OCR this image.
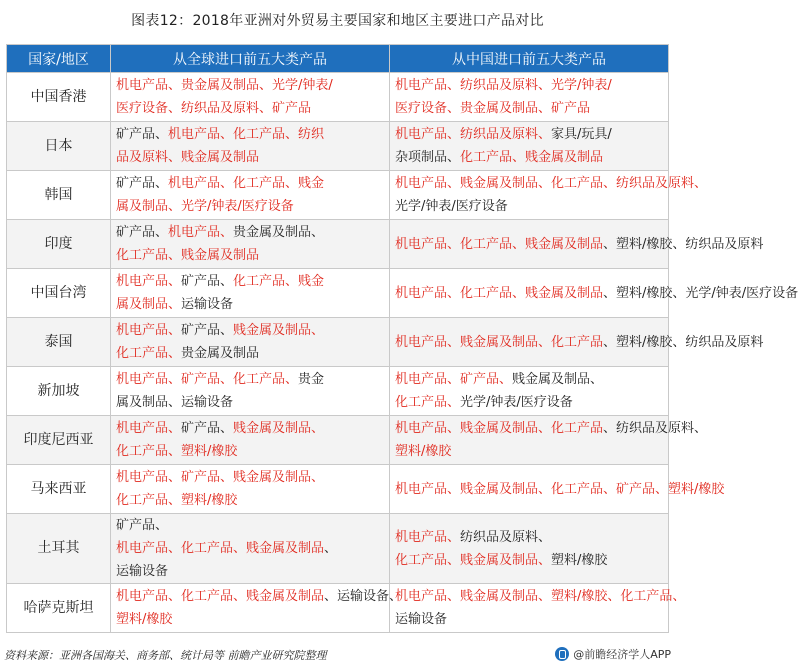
图表12：2018年亚洲对外贸易主要国家和地区主要进口产品对比
国家/地区	从全球进口前五大类产品	从中国进口前五大类产品
中国香港	机电产品、贵金属及制品、光学/钟表/医疗设备、纺织品及原料、矿产品	机电产品、纺织品及原料、光学/钟表/医疗设备、贵金属及制品、矿产品

日本	矿产品、机电产品、化工产品、纺织品及原料、贱金属及制品	机电产品、纺织品及原料、家具/玩具/杂项制品、化工产品、贱金属及制品

韩国	矿产品、机电产品、化工产品、贱金属及制品、光学/钟表/医疗设备	机电产品、贱金属及制品、化工产品、纺织品及原料、光学/钟表/医疗设备

印度	矿产品、机电产品、贵金属及制品、化工产品、贱金属及制品	机电产品、化工产品、贱金属及制品、塑料/橡胶、纺织品及原料

中国台湾	机电产品、矿产品、化工产品、贱金属及制品、运输设备	机电产品、化工产品、贱金属及制品、塑料/橡胶、光学/钟表/医疗设备

泰国	机电产品、矿产品、贱金属及制品、化工产品、贵金属及制品	机电产品、贱金属及制品、化工产品、塑料/橡胶、纺织品及原料

新加坡	机电产品、矿产品、化工产品、贵金属及制品、运输设备	机电产品、矿产品、贱金属及制品、化工产品、光学/钟表/医疗设备

印度尼西亚	机电产品、矿产品、贱金属及制品、化工产品、塑料/橡胶	机电产品、贱金属及制品、化工产品、纺织品及原料、塑料/橡胶

马来西亚	机电产品、矿产品、贱金属及制品、化工产品、塑料/橡胶	机电产品、贱金属及制品、化工产品、矿产品、塑料/橡胶

土耳其	矿产品、机电产品、化工产品、贱金属及制品、运输设备	机电产品、纺织品及原料、化工产品、贱金属及制品、塑料/橡胶

哈萨克斯坦	机电产品、化工产品、贱金属及制品、运输设备、塑料/橡胶	机电产品、贱金属及制品、塑料/橡胶、化工产品、运输设备
资料来源：亚洲各国海关、商务部、统计局等 前瞻产业研究院整理	@前瞻经济学人APP
